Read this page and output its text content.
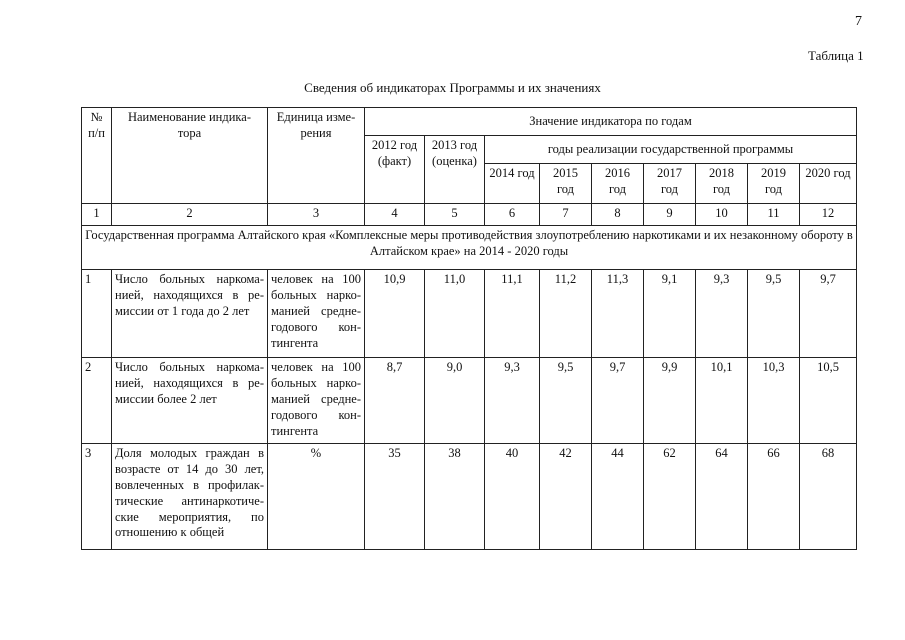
7
Таблица 1
Сведения об индикаторах Программы и их значениях
№ п/п	Наименование индика- тора	Единица изме- рения	Значение индикатора по годам								
			2012 год (факт)	2013 год (оценка)	годы реализации государственной программы						
					2014 год	2015 год	2016 год	2017 год	2018 год	2019 год	2020 год
1	2	3	4	5	6	7	8	9	10	11	12
Государственная программа Алтайского края «Комплексные меры противодействия злоупотреблению наркотиками и их незаконному обороту в Алтайском крае» на 2014 - 2020 годы											
1	Число больных наркома- нией, находящихся в ре- миссии от 1 года до 2 лет	человек на 100 больных нарко- манией средне- годового кон- тингента	10,9	11,0	11,1	11,2	11,3	9,1	9,3	9,5	9,7
2	Число больных наркома- нией, находящихся в ре- миссии более 2 лет	человек на 100 больных нарко- манией средне- годового кон- тингента	8,7	9,0	9,3	9,5	9,7	9,9	10,1	10,3	10,5
3	Доля молодых граждан в возрасте от 14 до 30 лет, вовлеченных в профилак- тические антинаркотиче- ские мероприятия, по отношению к общей	%	35	38	40	42	44	62	64	66	68
